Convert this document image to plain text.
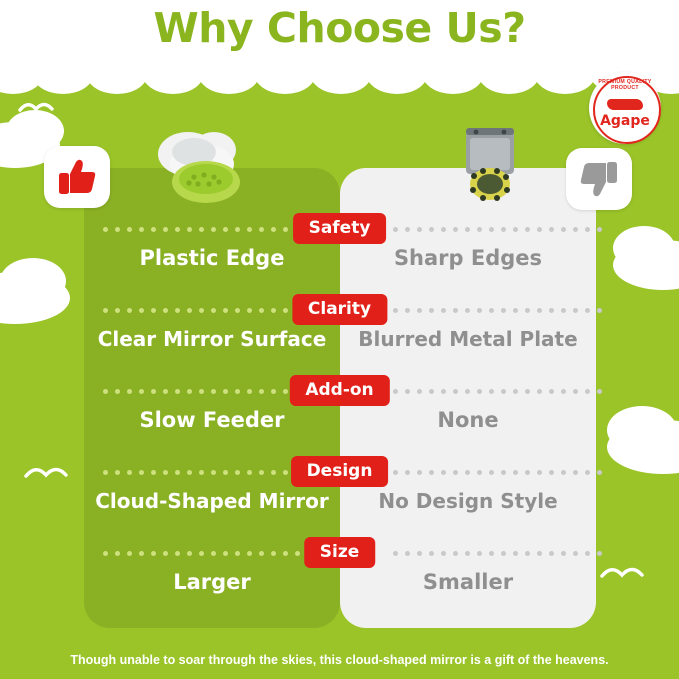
Why Choose Us?
PREMIUM QUALITY PRODUCT
Agape
Safety
Plastic Edge	Sharp Edges
Clarity
Clear Mirror Surface	Blurred Metal Plate
Add-on
Slow Feeder	None
Design
Cloud-Shaped Mirror	No Design Style
Size
Larger	Smaller
Though unable to soar through the skies, this cloud-shaped mirror is a gift of the heavens.
